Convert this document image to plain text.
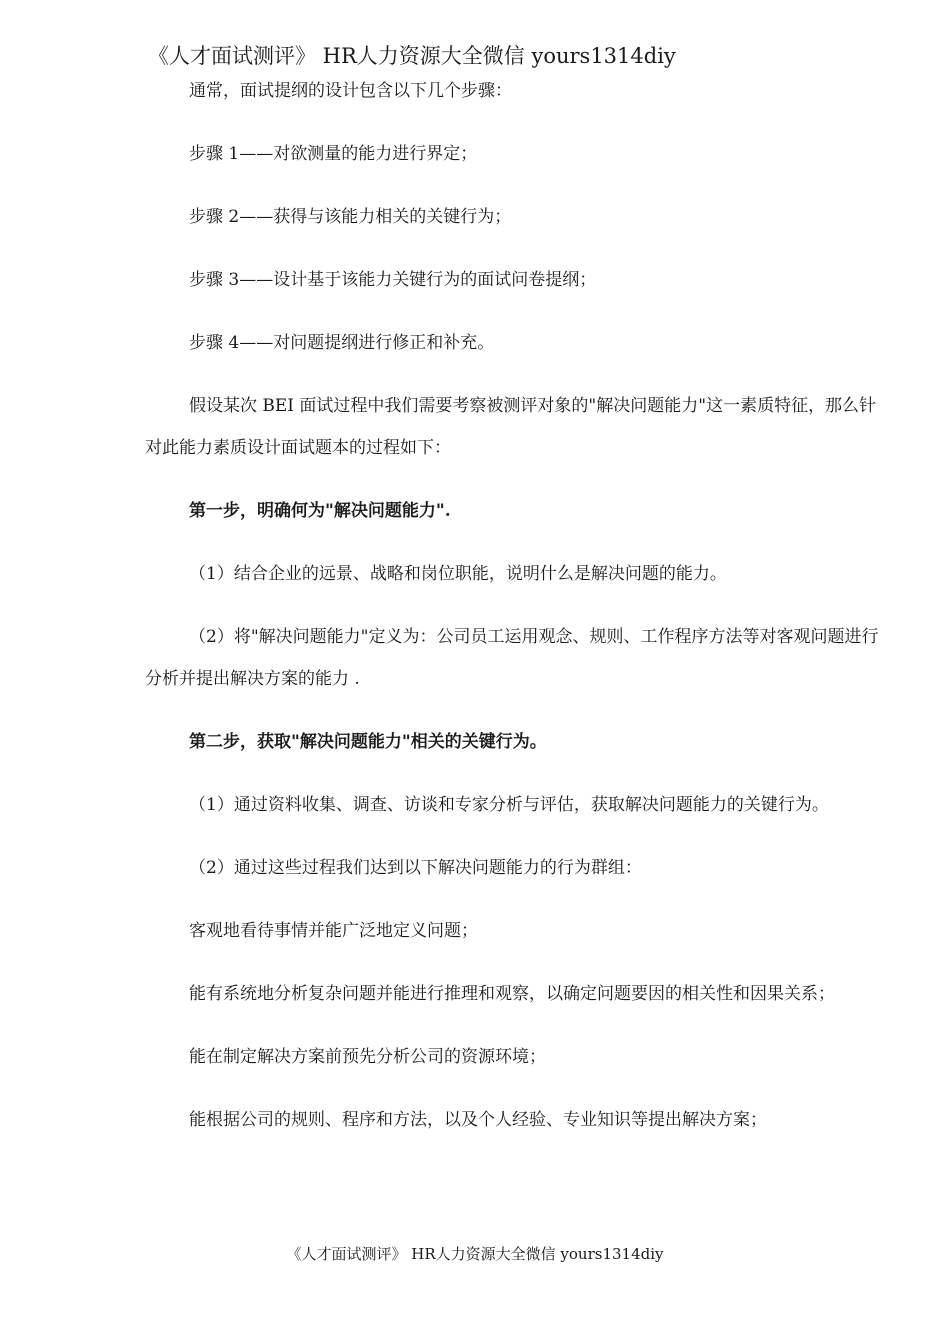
《人才面试测评》 HR人力资源大全微信 yours1314diy

通常，面试提纲的设计包含以下几个步骤：

步骤 1——对欲测量的能力进行界定；

步骤 2——获得与该能力相关的关键行为；

步骤 3——设计基于该能力关键行为的面试问卷提纲；

步骤 4——对问题提纲进行修正和补充。

假设某次 BEI 面试过程中我们需要考察被测评对象的"解决问题能力"这一素质特征，那么针对此能力素质设计面试题本的过程如下：

第一步，明确何为"解决问题能力".

（1）结合企业的远景、战略和岗位职能，说明什么是解决问题的能力。

（2）将"解决问题能力"定义为：公司员工运用观念、规则、工作程序方法等对客观问题进行分析并提出解决方案的能力 .

第二步，获取"解决问题能力"相关的关键行为。

（1）通过资料收集、调查、访谈和专家分析与评估，获取解决问题能力的关键行为。

（2）通过这些过程我们达到以下解决问题能力的行为群组：

客观地看待事情并能广泛地定义问题；

能有系统地分析复杂问题并能进行推理和观察，以确定问题要因的相关性和因果关系；

能在制定解决方案前预先分析公司的资源环境；

能根据公司的规则、程序和方法，以及个人经验、专业知识等提出解决方案；

《人才面试测评》 HR人力资源大全微信 yours1314diy
